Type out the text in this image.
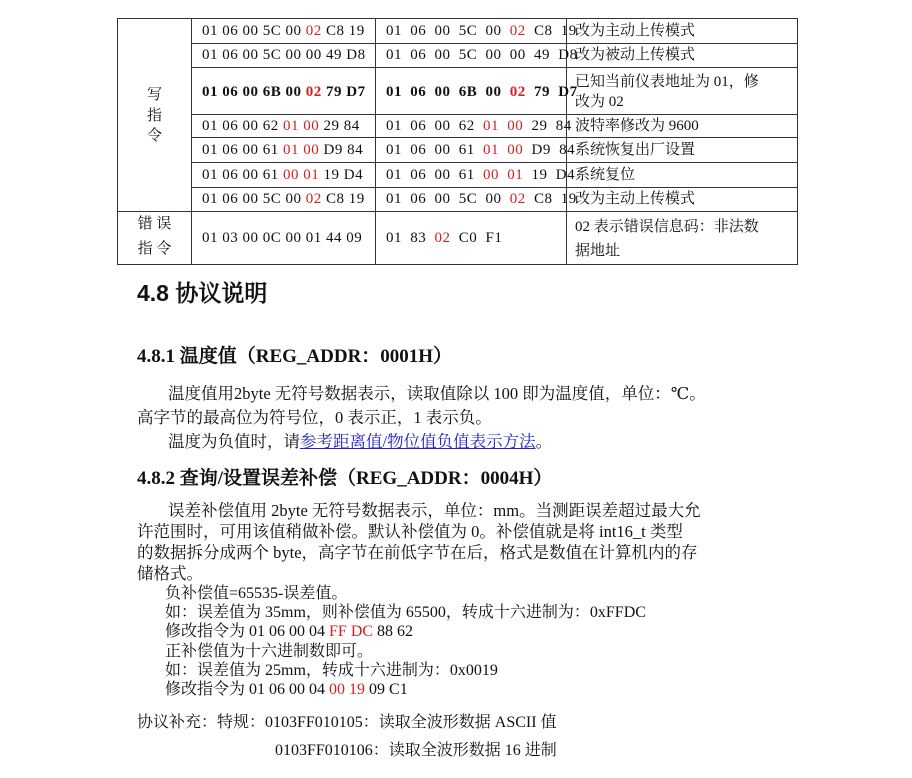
写
指
令	01 06 00 5C 00 02 C8 19	01 06 00 5C 00 02 C8 19	改为主动上传模式
	01 06 00 5C 00 00 49 D8	01 06 00 5C 00 00 49 D8	改为被动上传模式
	01 06 00 6B 00 02 79 D7	01 06 00 6B 00 02 79 D7	已知当前仪表地址为 01，修
改为 02
	01 06 00 62 01 00 29 84	01 06 00 62 01 00 29 84	波特率修改为 9600
	01 06 00 61 01 00 D9 84	01 06 00 61 01 00 D9 84	系统恢复出厂设置
	01 06 00 61 00 01 19 D4	01 06 00 61 00 01 19 D4	系统复位
	01 06 00 5C 00 02 C8 19	01 06 00 5C 00 02 C8 19	改为主动上传模式
错 误
指 令	01 03 00 0C 00 01 44 09	01 83 02 C0 F1	02 表示错误信息码：非法数
据地址
4.8 协议说明
4.8.1 温度值（REG_ADDR：0001H）
温度值用2byte 无符号数据表示，读取值除以 100 即为温度值，单位：℃。
高字节的最高位为符号位，0 表示正，1 表示负。
温度为负值时，请参考距离值/物位值负值表示方法。
4.8.2 查询/设置误差补偿（REG_ADDR：0004H）
误差补偿值用 2byte 无符号数据表示，单位：mm。当测距误差超过最大允
许范围时，可用该值稍做补偿。默认补偿值为 0。补偿值就是将 int16_t 类型
的数据拆分成两个 byte，高字节在前低字节在后，格式是数值在计算机内的存
储格式。
负补偿值=65535-误差值。
如：误差值为 35mm，则补偿值为 65500，转成十六进制为：0xFFDC
修改指令为 01 06 00 04 FF DC 88 62
正补偿值为十六进制数即可。
如：误差值为 25mm，转成十六进制为：0x0019
修改指令为 01 06 00 04 00 19 09 C1
协议补充：特规：0103FF010105：读取全波形数据 ASCII 值
0103FF010106：读取全波形数据 16 进制
